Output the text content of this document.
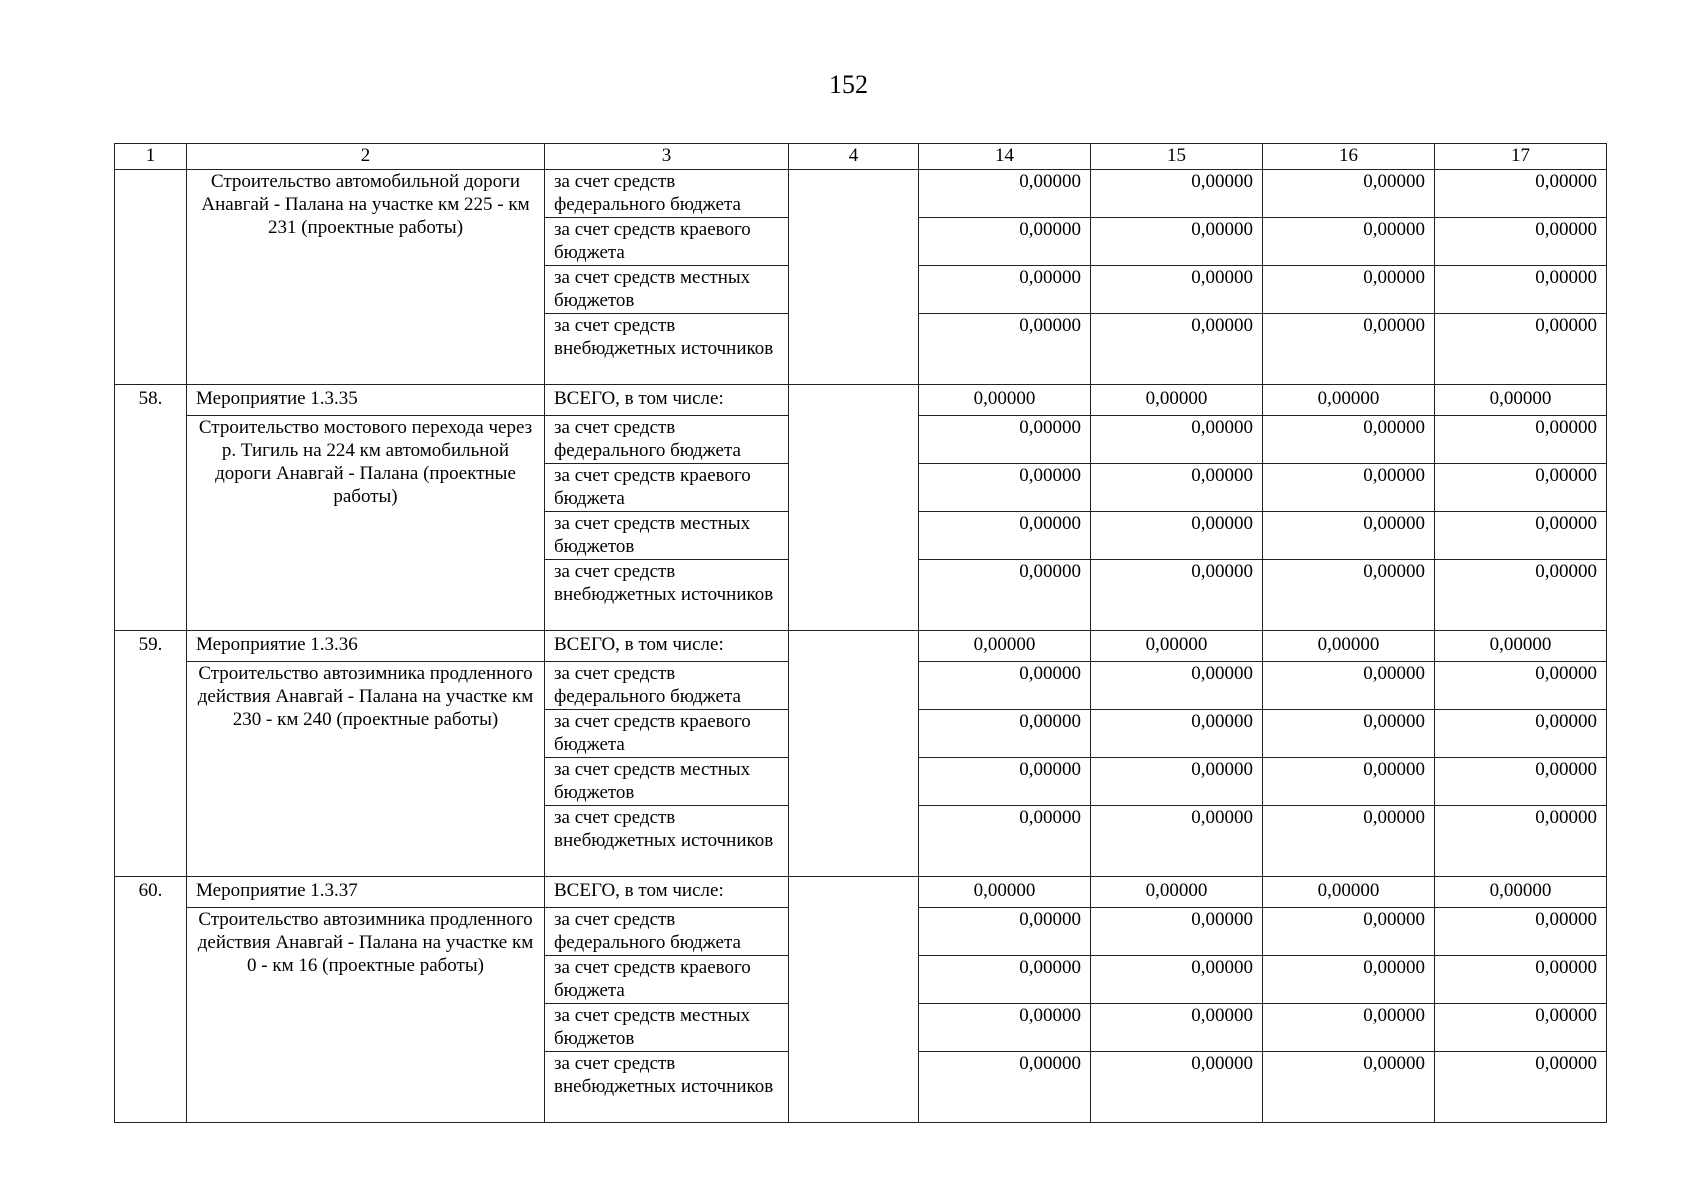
152
1	2	3	4	14	15	16	17
	Строительство автомобильной дороги Анавгай - Палана на участке км 225 - км 231 (проектные работы)	за счет средств федерального бюджета		0,00000	0,00000	0,00000	0,00000
		за счет средств краевого бюджета		0,00000	0,00000	0,00000	0,00000
		за счет средств местных бюджетов		0,00000	0,00000	0,00000	0,00000
		за счет средств внебюджетных источников		0,00000	0,00000	0,00000	0,00000
58.	Мероприятие 1.3.35	ВСЕГО, в том числе:		0,00000	0,00000	0,00000	0,00000
	Строительство мостового перехода через р. Тигиль на 224 км автомобильной дороги Анавгай - Палана (проектные работы)	за счет средств федерального бюджета		0,00000	0,00000	0,00000	0,00000
		за счет средств краевого бюджета		0,00000	0,00000	0,00000	0,00000
		за счет средств местных бюджетов		0,00000	0,00000	0,00000	0,00000
		за счет средств внебюджетных источников		0,00000	0,00000	0,00000	0,00000
59.	Мероприятие 1.3.36	ВСЕГО, в том числе:		0,00000	0,00000	0,00000	0,00000
	Строительство автозимника продленного действия Анавгай - Палана на участке км 230 - км 240 (проектные работы)	за счет средств федерального бюджета		0,00000	0,00000	0,00000	0,00000
		за счет средств краевого бюджета		0,00000	0,00000	0,00000	0,00000
		за счет средств местных бюджетов		0,00000	0,00000	0,00000	0,00000
		за счет средств внебюджетных источников		0,00000	0,00000	0,00000	0,00000
60.	Мероприятие 1.3.37	ВСЕГО, в том числе:		0,00000	0,00000	0,00000	0,00000
	Строительство автозимника продленного действия Анавгай - Палана на участке км 0 - км 16 (проектные работы)	за счет средств федерального бюджета		0,00000	0,00000	0,00000	0,00000
		за счет средств краевого бюджета		0,00000	0,00000	0,00000	0,00000
		за счет средств местных бюджетов		0,00000	0,00000	0,00000	0,00000
		за счет средств внебюджетных источников		0,00000	0,00000	0,00000	0,00000
